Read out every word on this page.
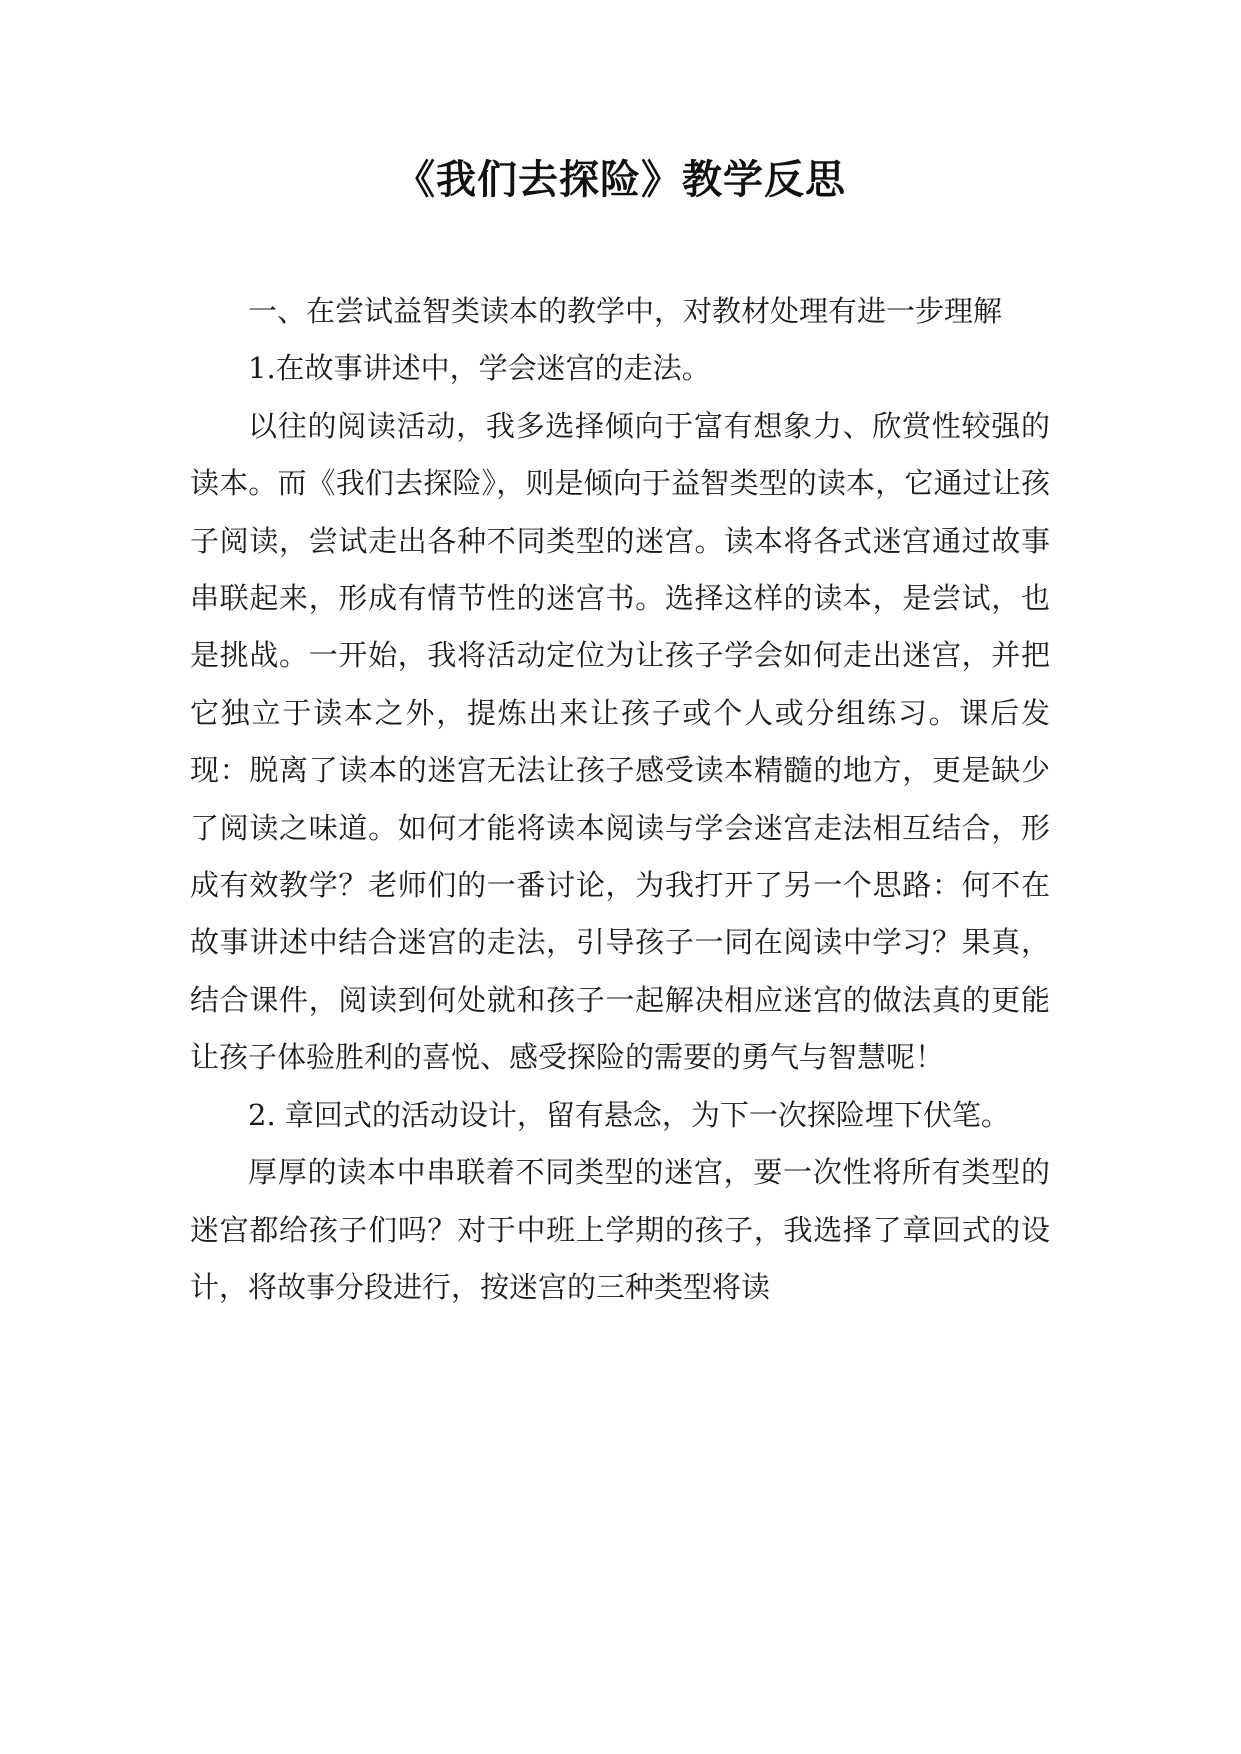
《我们去探险》教学反思

一、在尝试益智类读本的教学中，对教材处理有进一步理解

1.在故事讲述中，学会迷宫的走法。

以往的阅读活动，我多选择倾向于富有想象力、欣赏性较强的读本。而《我们去探险》，则是倾向于益智类型的读本，它通过让孩子阅读，尝试走出各种不同类型的迷宫。读本将各式迷宫通过故事串联起来，形成有情节性的迷宫书。选择这样的读本，是尝试，也是挑战。一开始，我将活动定位为让孩子学会如何走出迷宫，并把它独立于读本之外，提炼出来让孩子或个人或分组练习。课后发现：脱离了读本的迷宫无法让孩子感受读本精髓的地方，更是缺少了阅读之味道。如何才能将读本阅读与学会迷宫走法相互结合，形成有效教学？老师们的一番讨论，为我打开了另一个思路：何不在故事讲述中结合迷宫的走法，引导孩子一同在阅读中学习？果真，结合课件，阅读到何处就和孩子一起解决相应迷宫的做法真的更能让孩子体验胜利的喜悦、感受探险的需要的勇气与智慧呢！

2. 章回式的活动设计，留有悬念，为下一次探险埋下伏笔。

厚厚的读本中串联着不同类型的迷宫，要一次性将所有类型的迷宫都给孩子们吗？对于中班上学期的孩子，我选择了章回式的设计，将故事分段进行，按迷宫的三种类型将读
